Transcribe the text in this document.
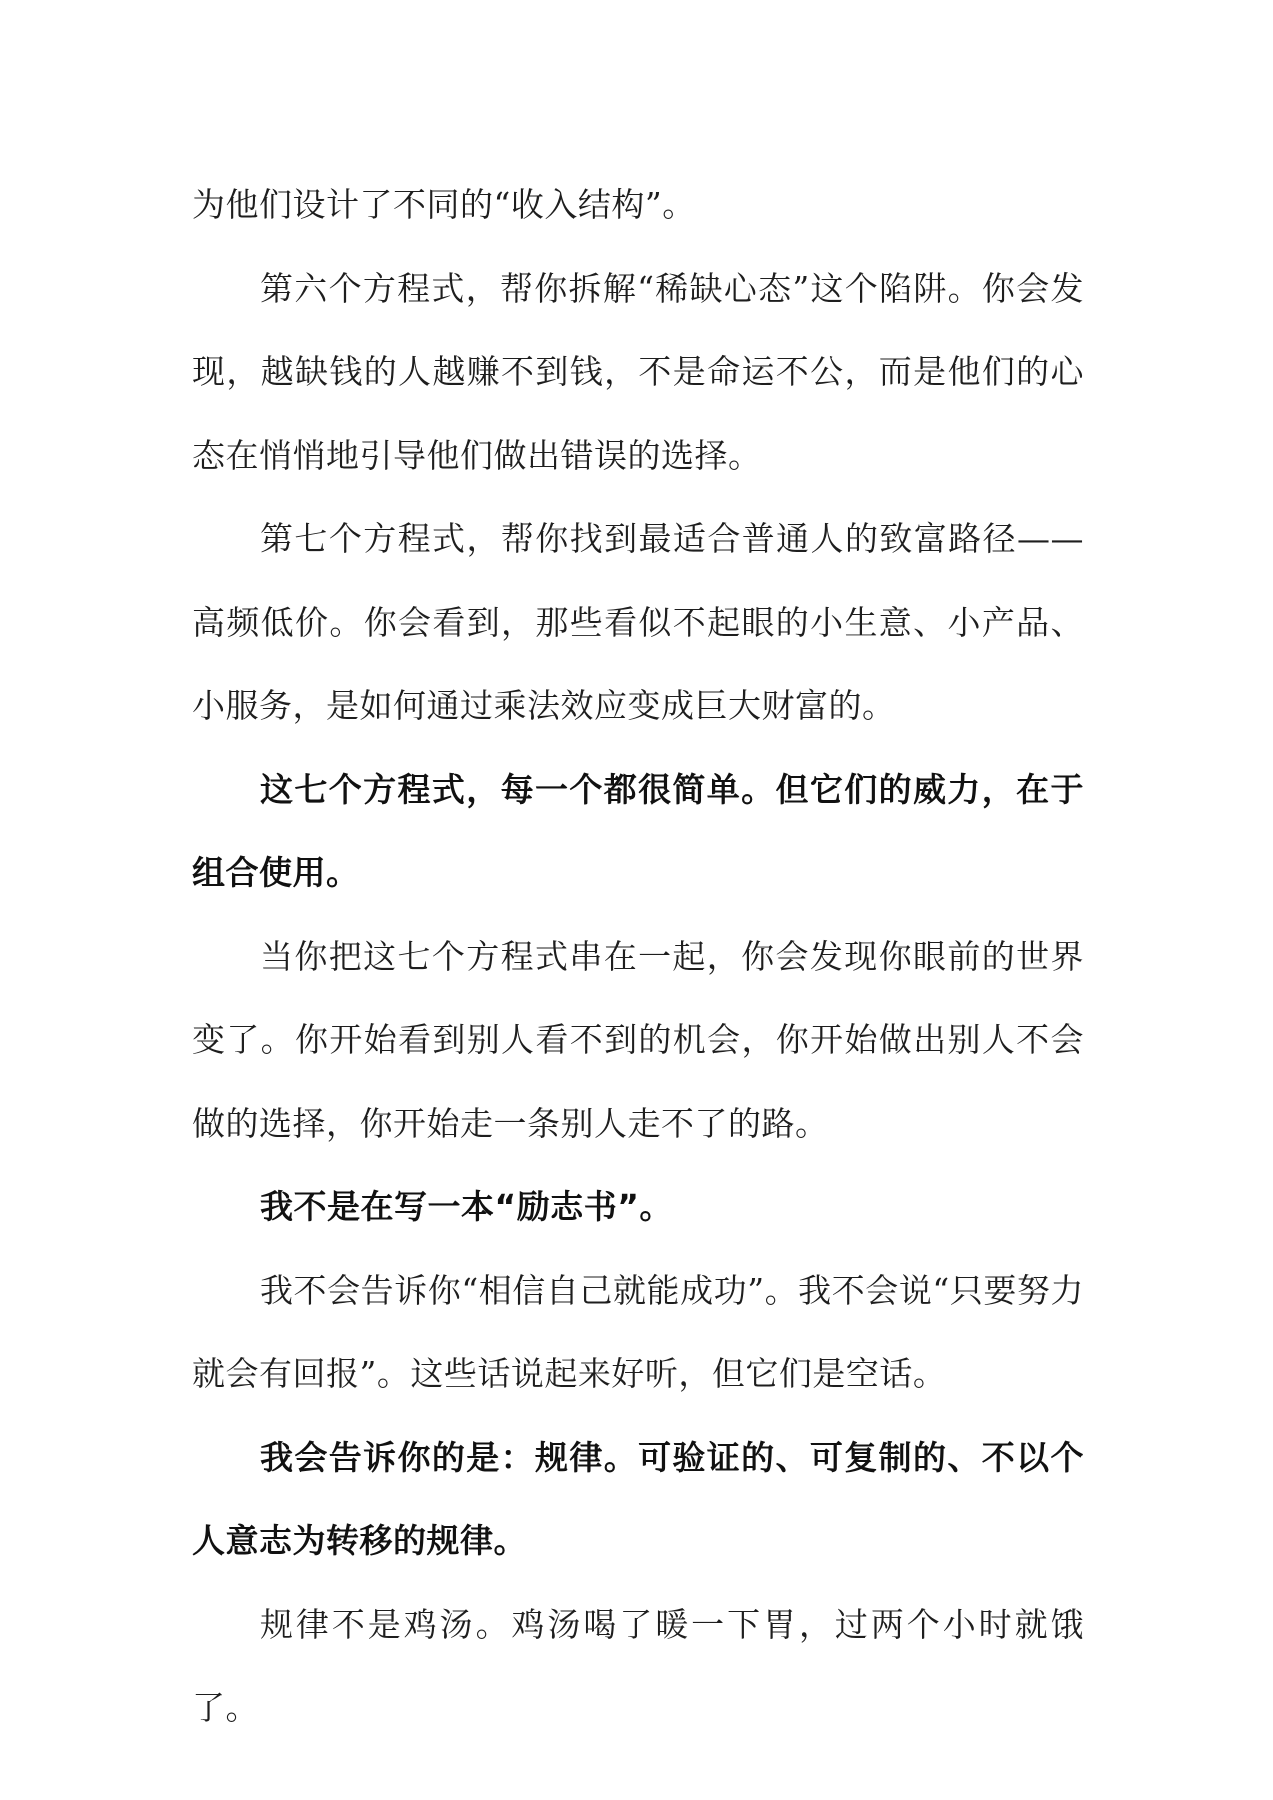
为他们设计了不同的“收入结构”。

第六个方程式，帮你拆解“稀缺心态”这个陷阱。你会发现，越缺钱的人越赚不到钱，不是命运不公，而是他们的心态在悄悄地引导他们做出错误的选择。

第七个方程式，帮你找到最适合普通人的致富路径——高频低价。你会看到，那些看似不起眼的小生意、小产品、小服务，是如何通过乘法效应变成巨大财富的。

这七个方程式，每一个都很简单。但它们的威力，在于组合使用。

当你把这七个方程式串在一起，你会发现你眼前的世界变了。你开始看到别人看不到的机会，你开始做出别人不会做的选择，你开始走一条别人走不了的路。

我不是在写一本“励志书”。

我不会告诉你“相信自己就能成功”。我不会说“只要努力就会有回报”。这些话说起来好听，但它们是空话。

我会告诉你的是：规律。可验证的、可复制的、不以个人意志为转移的规律。

规律不是鸡汤。鸡汤喝了暖一下胃，过两个小时就饿了。
